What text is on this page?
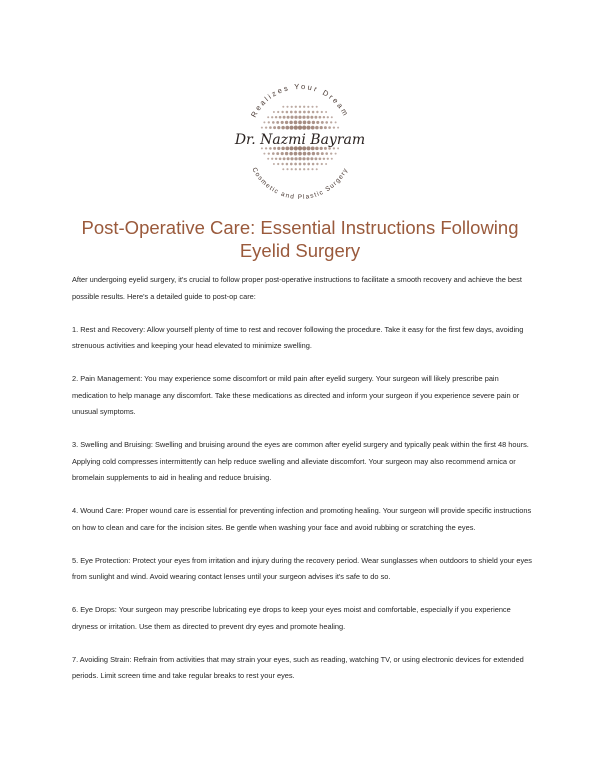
Realizes Your Dream
Cosmetic and Plastic Surgery
Dr. Nazmi Bayram
Post-Operative Care: Essential Instructions Following Eyelid Surgery

After undergoing eyelid surgery, it's crucial to follow proper post-operative instructions to facilitate a smooth recovery and achieve the best possible results. Here's a detailed guide to post-op care:

1. Rest and Recovery: Allow yourself plenty of time to rest and recover following the procedure. Take it easy for the first few days, avoiding strenuous activities and keeping your head elevated to minimize swelling.

2. Pain Management: You may experience some discomfort or mild pain after eyelid surgery. Your surgeon will likely prescribe pain medication to help manage any discomfort. Take these medications as directed and inform your surgeon if you experience severe pain or unusual symptoms.

3. Swelling and Bruising: Swelling and bruising around the eyes are common after eyelid surgery and typically peak within the first 48 hours. Applying cold compresses intermittently can help reduce swelling and alleviate discomfort. Your surgeon may also recommend arnica or bromelain supplements to aid in healing and reduce bruising.

4. Wound Care: Proper wound care is essential for preventing infection and promoting healing. Your surgeon will provide specific instructions on how to clean and care for the incision sites. Be gentle when washing your face and avoid rubbing or scratching the eyes.

5. Eye Protection: Protect your eyes from irritation and injury during the recovery period. Wear sunglasses when outdoors to shield your eyes from sunlight and wind. Avoid wearing contact lenses until your surgeon advises it's safe to do so.

6. Eye Drops: Your surgeon may prescribe lubricating eye drops to keep your eyes moist and comfortable, especially if you experience dryness or irritation. Use them as directed to prevent dry eyes and promote healing.

7. Avoiding Strain: Refrain from activities that may strain your eyes, such as reading, watching TV, or using electronic devices for extended periods. Limit screen time and take regular breaks to rest your eyes.
